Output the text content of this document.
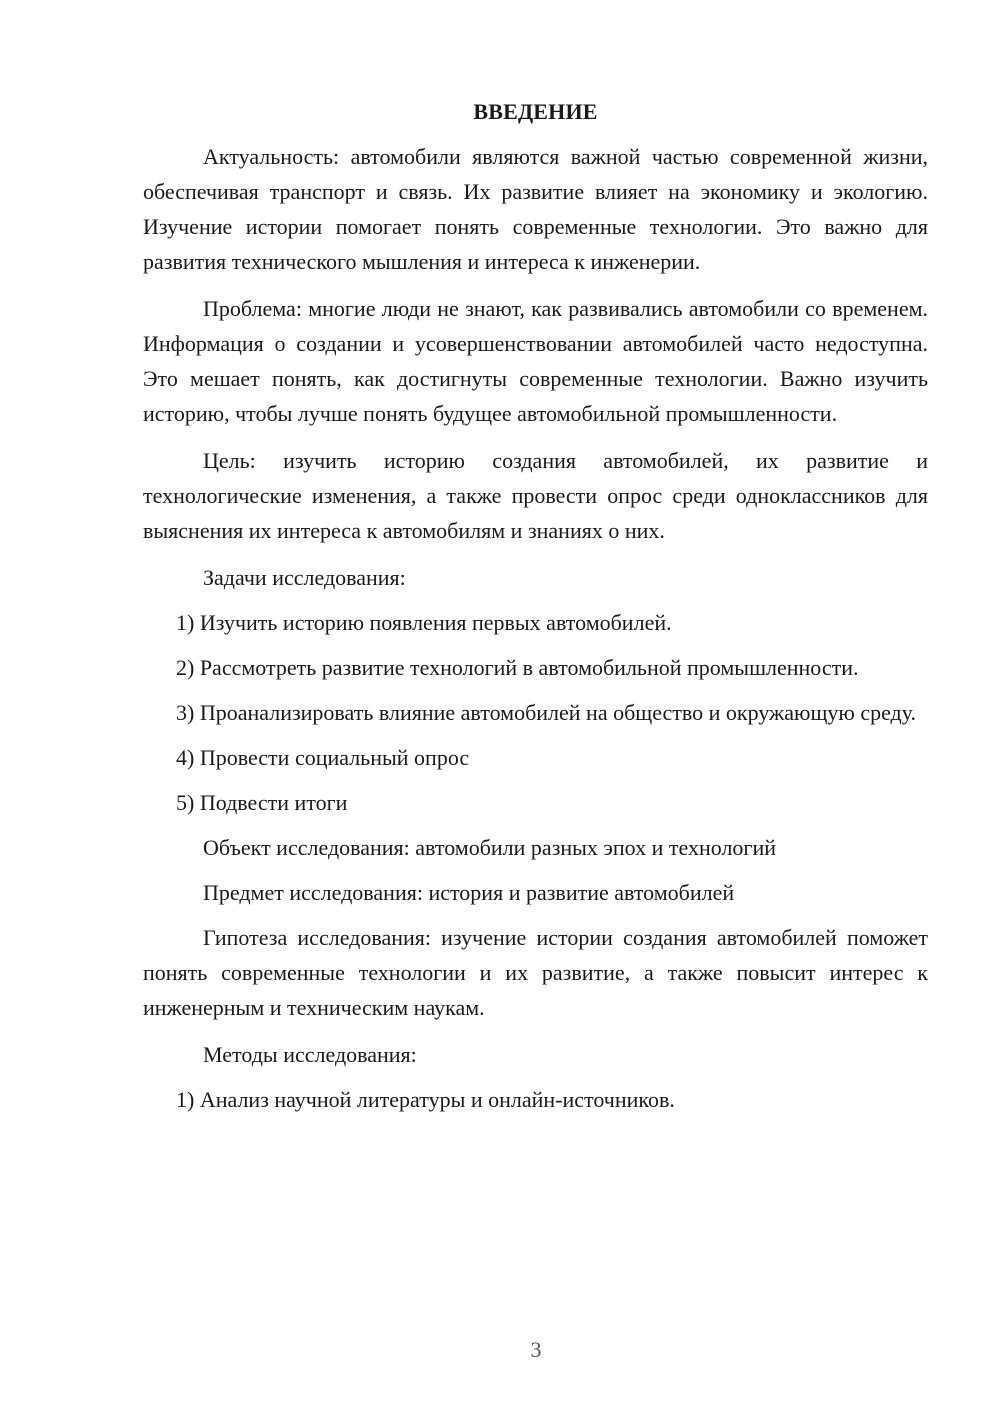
ВВЕДЕНИЕ

Актуальность: автомобили являются важной частью современной жизни, обеспечивая транспорт и связь. Их развитие влияет на экономику и экологию. Изучение истории помогает понять современные технологии. Это важно для развития технического мышления и интереса к инженерии.

Проблема: многие люди не знают, как развивались автомобили со временем. Информация о создании и усовершенствовании автомобилей часто недоступна. Это мешает понять, как достигнуты современные технологии. Важно изучить историю, чтобы лучше понять будущее автомобильной промышленности.

Цель: изучить историю создания автомобилей, их развитие и технологические изменения, а также провести опрос среди одноклассников для выяснения их интереса к автомобилям и знаниях о них.

Задачи исследования:

1) Изучить историю появления первых автомобилей.

2) Рассмотреть развитие технологий в автомобильной промышленности.

3) Проанализировать влияние автомобилей на общество и окружающую среду.

4) Провести социальный опрос

5) Подвести итоги

Объект исследования: автомобили разных эпох и технологий

Предмет исследования: история и развитие автомобилей

Гипотеза исследования: изучение истории создания автомобилей поможет понять современные технологии и их развитие, а также повысит интерес к инженерным и техническим наукам.

Методы исследования:

1) Анализ научной литературы и онлайн-источников.

3
